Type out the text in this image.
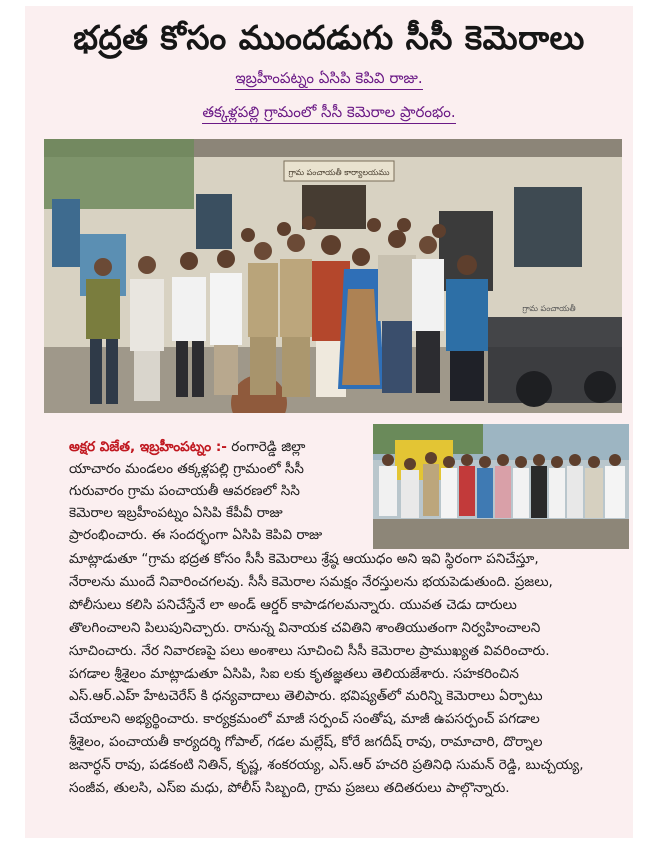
భద్రత కోసం ముందడుగు సీసీ కెమెరాలు
ఇబ్రహీంపట్నం ఏసిపి కెపివి రాజు.
తక్కళ్లపల్లి గ్రామంలో సీసీ కెమెరాల ప్రారంభం.
గ్రామ పంచాయతీ కార్యాలయము
గ్రామ పంచాయతీ
అక్షర విజేత, ఇబ్రహీంపట్నం :- రంగారెడ్డి జిల్లా
యాచారం మండలం తక్కళ్లపల్లి గ్రామంలో సీసీ
గురువారం గ్రామ పంచాయతీ ఆవరణలో సిసి
కెమెరాల ఇబ్రహీంపట్నం ఏసిపి కేపీవీ రాజు
ప్రారంభించారు. ఈ సందర్భంగా ఏసిపి కెపివి రాజు
మాట్లాడుతూ “గ్రామ భద్రత కోసం సీసీ కెమెరాలు శ్రేష్ఠ ఆయుధం అని ఇవి స్థిరంగా పనిచేస్తూ,
నేరాలను ముందే నివారించగలవు. సీసీ కెమెరాల సమక్షం నేరస్తులను భయపెడుతుంది. ప్రజలు,
పోలీసులు కలిసి పనిచేస్తేనే లా అండ్ ఆర్డర్ కాపాడగలమన్నారు. యువత చెడు దారులు
తొలగించాలని పిలుపునిచ్చారు. రానున్న వినాయక చవితిని శాంతియుతంగా నిర్వహించాలని
సూచించారు. నేర నివారణపై పలు అంశాలు సూచించి సీసీ కెమెరాల ప్రాముఖ్యత వివరించారు.
పగడాల శ్రీశైలం మాట్లాడుతూ ఏసిపి, సిఐ లకు కృతజ్ఞతలు తెలియజేశారు. సహకరించిన
ఎస్.ఆర్.ఎహ్ హేటచెరేస్ కి ధన్యవాదాలు తెలిపారు. భవిష్యత్‌లో మరిన్ని కెమెరాలు ఏర్పాటు
చేయాలని అభ్యర్థించారు. కార్యక్రమంలో మాజీ సర్పంచ్ సంతోష, మాజీ ఉపసర్పంచ్ పగడాల
శ్రీశైలం, పంచాయతీ కార్యదర్శి గోపాల్, గడల మల్లేష్, కోరే జగదీష్ రావు, రామాచారి, దొర్నాల
జనార్ధన్ రావు, పడకంటి నితిన్, కృష్ణ, శంకరయ్య, ఎస్.ఆర్ హచరి ప్రతినిధి సుమన్ రెడ్డి, బుచ్చయ్య,
సంజీవ, తులసి, ఎస్ఐ మధు, పోలీస్ సిబ్బంది, గ్రామ ప్రజలు తదితరులు పాల్గొన్నారు.
